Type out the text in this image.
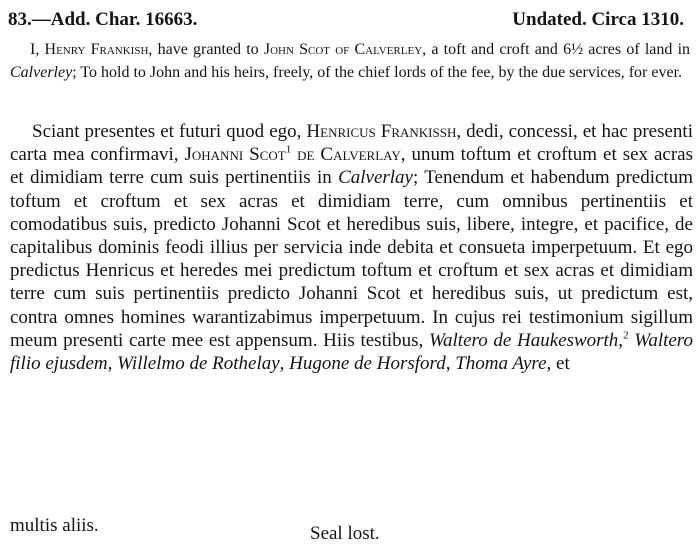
83.—Add. Char. 16663.	Undated. Circa 1310.
I, Henry Frankish, have granted to John Scot of Calverley, a toft and croft and 6½ acres of land in Calverley; To hold to John and his heirs, freely, of the chief lords of the fee, by the due services, for ever.

Sciant presentes et futuri quod ego, Henricus Frankissh, dedi, concessi, et hac presenti carta mea confirmavi, Johanni Scot$^1$ de Calverlay, unum toftum et croftum et sex acras et dimidiam terre cum suis pertinentiis in Calverlay; Tenendum et habendum predictum toftum et croftum et sex acras et dimidiam terre, cum omnibus pertinentiis et comodatibus suis, predicto Johanni Scot et heredibus suis, libere, integre, et pacifice, de capitalibus dominis feodi illius per servicia inde debita et consueta imperpetuum. Et ego predictus Henricus et heredes mei predictum toftum et croftum et sex acras et dimidiam terre cum suis pertinentiis predicto Johanni Scot et heredibus suis, ut predictum est, contra omnes homines warantizabimus imperpetuum. In cujus rei testimonium sigillum meum presenti carte mee est appensum. Hiis testibus, Waltero de Haukesworth,$^2$ Waltero filio ejusdem, Willelmo de Rothelay, Hugone de Horsford, Thoma Ayre, et

multis aliis.	Seal lost.
